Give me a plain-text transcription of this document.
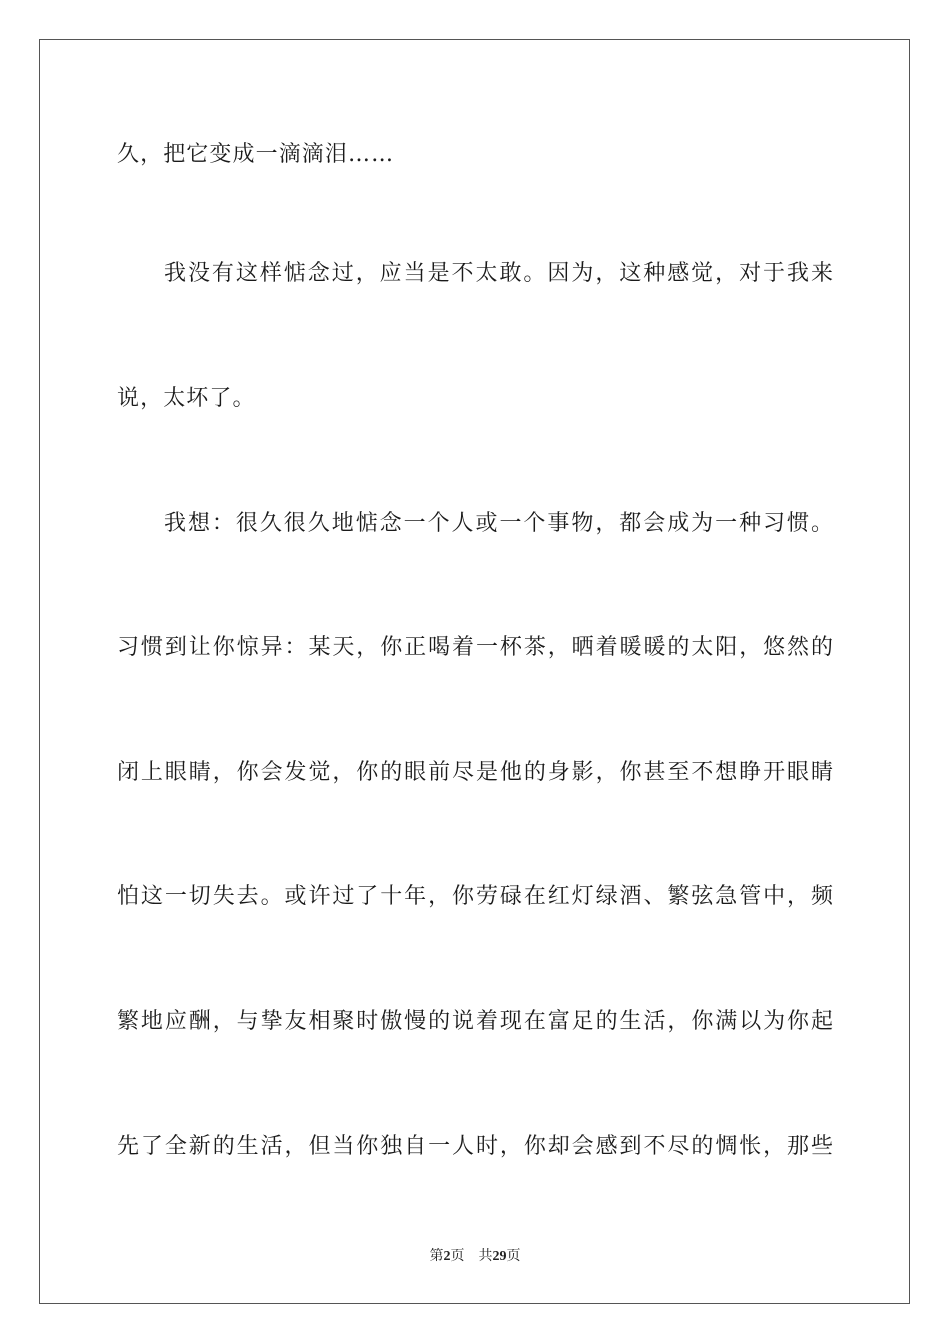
久，把它变成一滴滴泪……
我没有这样惦念过，应当是不太敢。因为，这种感觉，对于我来
说，太坏了。
我想：很久很久地惦念一个人或一个事物，都会成为一种习惯。
习惯到让你惊异：某天，你正喝着一杯茶，晒着暖暖的太阳，悠然的
闭上眼睛，你会发觉，你的眼前尽是他的身影，你甚至不想睁开眼睛
怕这一切失去。或许过了十年，你劳碌在红灯绿酒、繁弦急管中，频
繁地应酬，与挚友相聚时傲慢的说着现在富足的生活，你满以为你起
先了全新的生活，但当你独自一人时，你却会感到不尽的惆怅，那些
第2页 共29页
